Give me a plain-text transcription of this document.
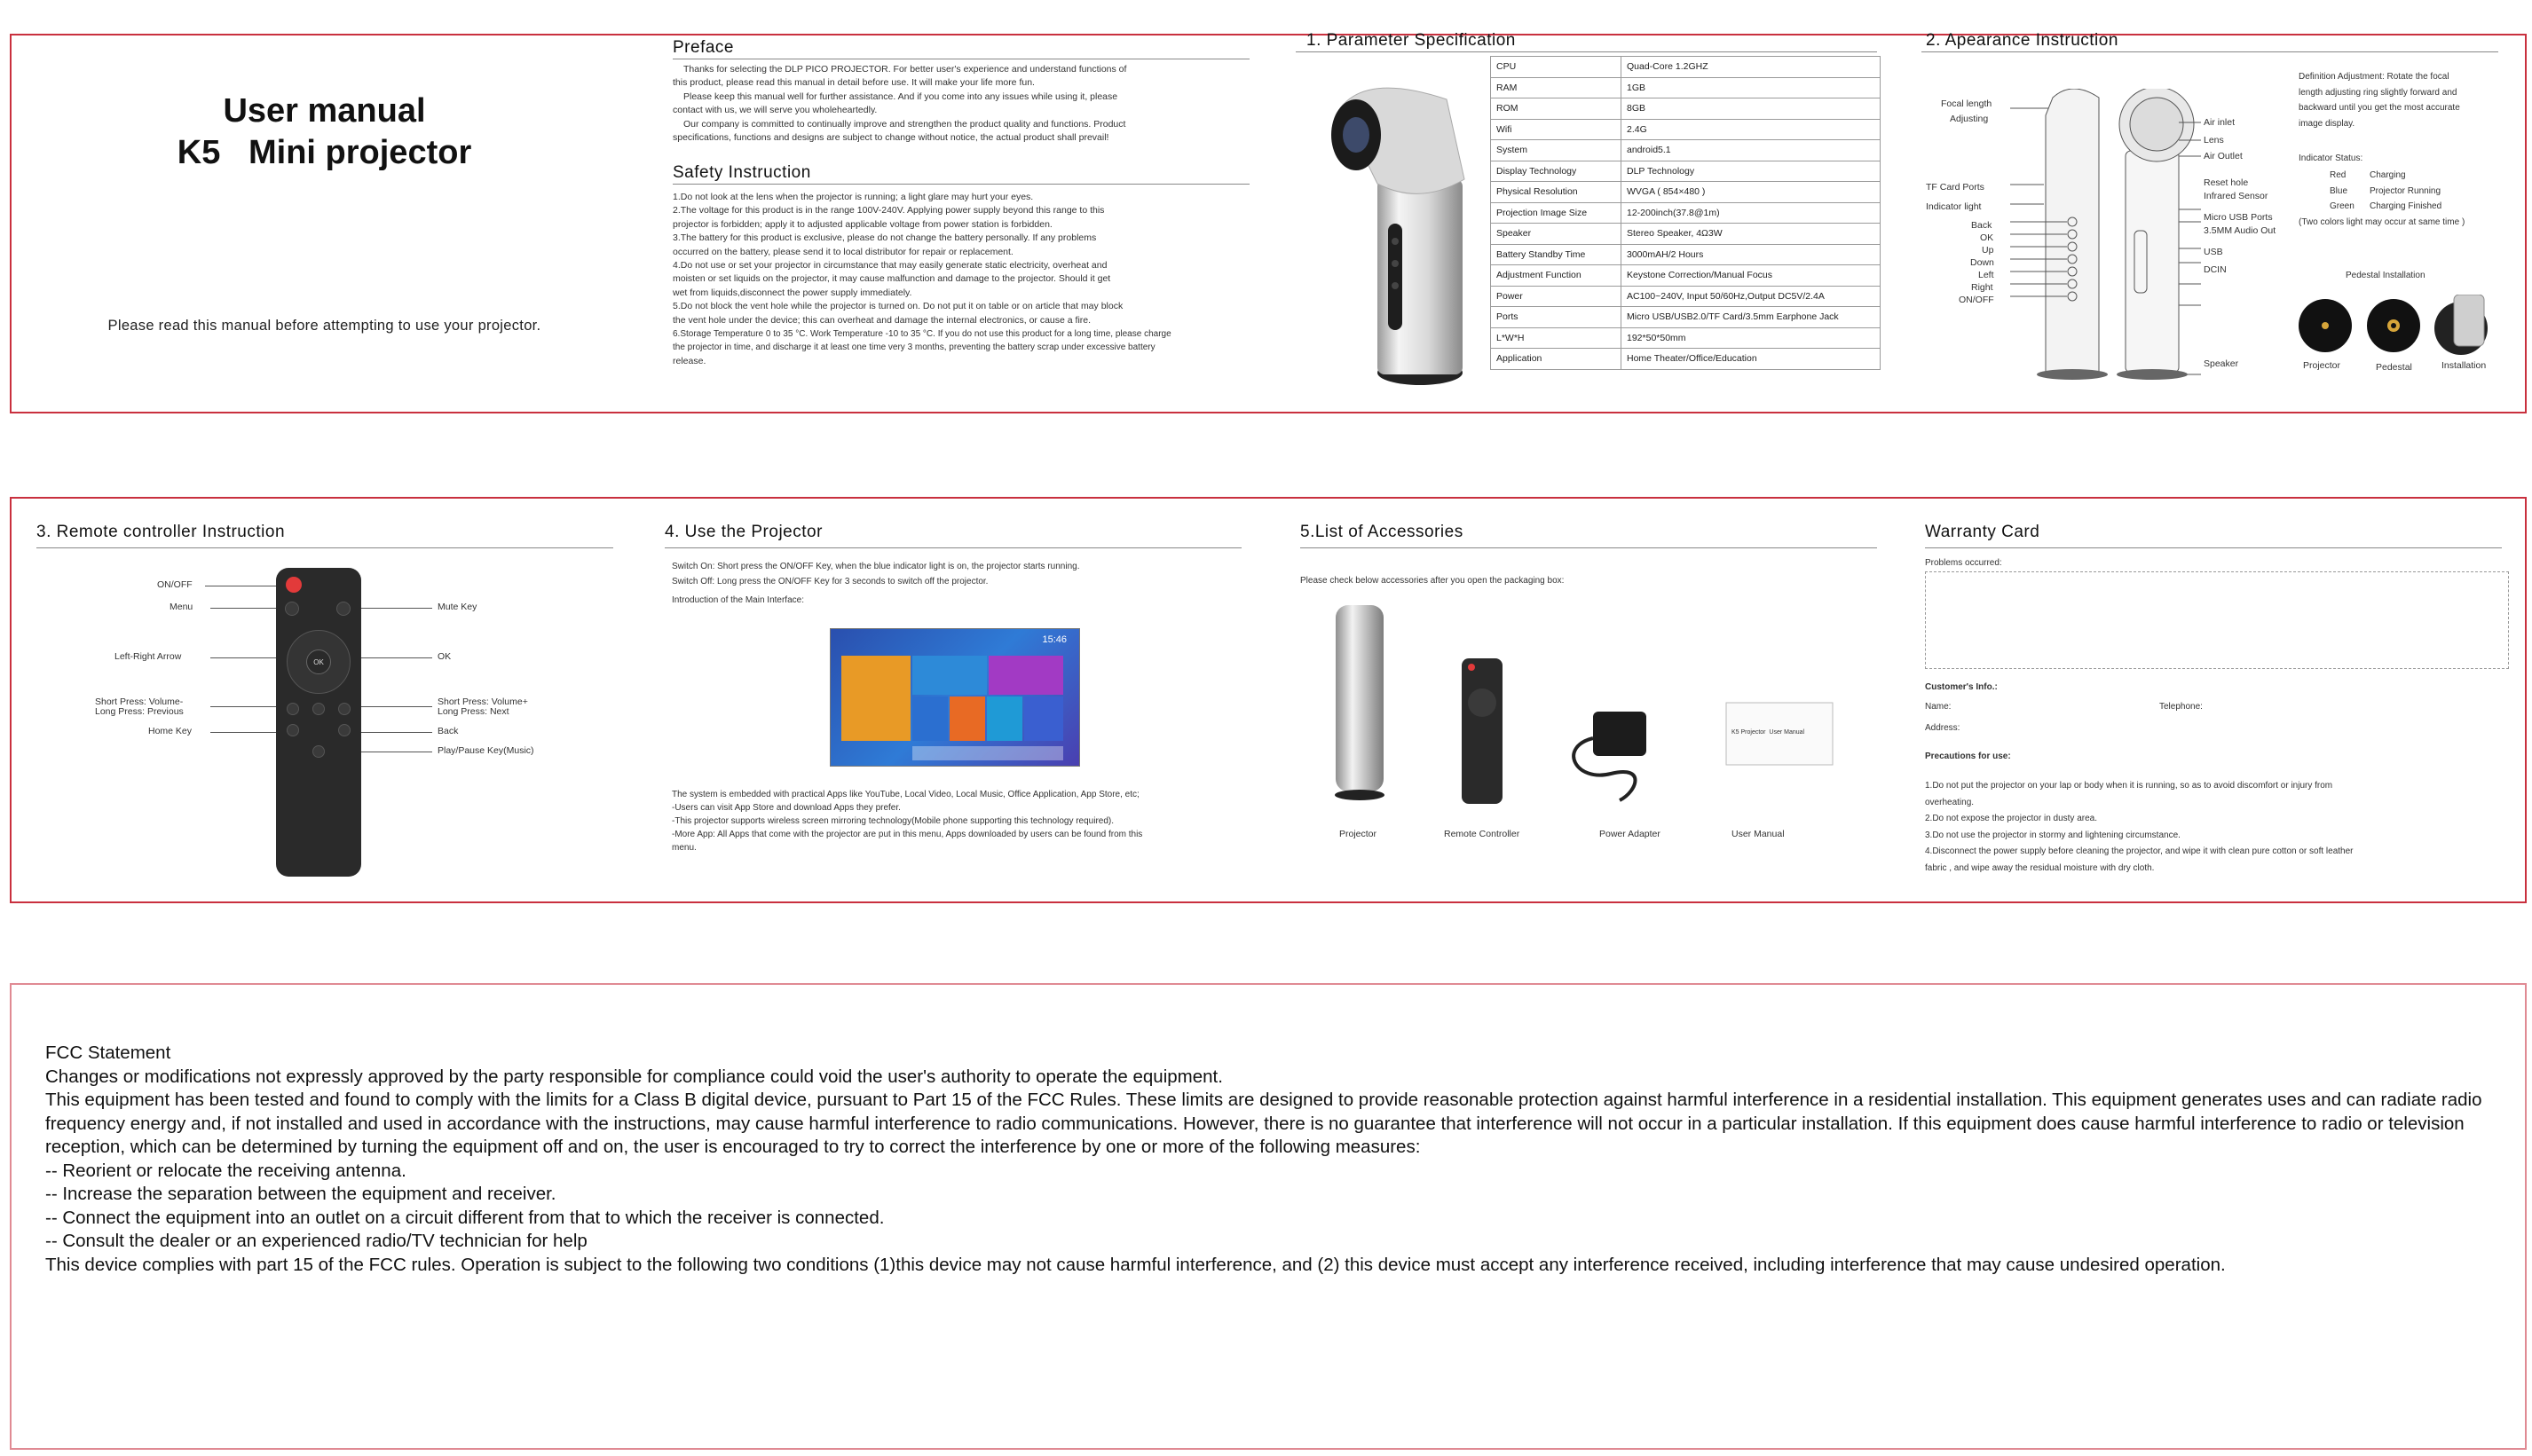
User manual
K5   Mini projector
Please read this manual before attempting to use your projector.
Preface
Thanks for selecting the DLP PICO PROJECTOR. For better user's experience and understand functions of
this product, please read this manual in detail before use. It will make your life more fun.
Please keep this manual well for further assistance. And if you come into any issues while using it, please
contact with us, we will serve you wholeheartedly.
Our company is committed to continually improve and strengthen the product quality and functions. Product
specifications, functions and designs are subject to change without notice, the actual product shall prevail!
Safety Instruction
1.Do not look at the lens when the projector is running; a light glare may hurt your eyes.
2.The voltage for this product is in the range 100V-240V. Applying power supply beyond this range to this
projector is forbidden; apply it to adjusted applicable voltage from power station is forbidden.
3.The battery for this product is exclusive, please do not change the battery personally. If any problems
occurred on the battery, please send it to local distributor for repair or replacement.
4.Do not use or set your projector in circumstance that may easily generate static electricity, overheat and
moisten or set liquids on the projector, it may cause malfunction and damage to the projector. Should it get
wet from liquids,disconnect the power supply immediately.
5.Do not block the vent hole while the projector is turned on. Do not put it on table or on article that may block
the vent hole under the device; this can overheat and damage the internal electronics, or cause a fire.
6.Storage Temperature 0 to 35 °C. Work Temperature -10 to 35 °C. If you do not use this product for a long time, please charge
the projector in time, and discharge it at least one time very 3 months, preventing the battery scrap under excessive battery
release.
1. Parameter Specification
CPU	Quad-Core 1.2GHZ
RAM	1GB
ROM	8GB
Wifi	2.4G
System	android5.1
Display Technology	DLP Technology
Physical Resolution	WVGA ( 854×480 )
Projection Image Size	12-200inch(37.8@1m)
Speaker	Stereo Speaker, 4Ω3W
Battery Standby Time	3000mAH/2 Hours
Adjustment Function	Keystone Correction/Manual Focus
Power	AC100~240V, Input 50/60Hz,Output DC5V/2.4A
Ports	Micro USB/USB2.0/TF Card/3.5mm Earphone Jack
L*W*H	192*50*50mm
Application	Home Theater/Office/Education
2. Apearance Instruction
Focal length
Adjusting
TF Card Ports
Indicator light
Back
OK
Up
Down
Left
Right
ON/OFF
Air inlet
Lens
Air Outlet
Reset hole
Infrared Sensor
Micro USB Ports
3.5MM Audio Out
USB
DCIN
Speaker
Definition Adjustment: Rotate the focal
length adjusting ring slightly forward and
backward until you get the most accurate
image display.
Indicator Status:
Red	Charging
Blue Projector Running
Green Charging Finished
(Two colors light may occur at same time )
Pedestal Installation
Projector	Pedestal	Installation
3. Remote controller Instruction
ON/OFF
Menu
Left-Right Arrow
Short Press: Volume-
Long Press: Previous
Home Key
Mute Key
OK
Short Press: Volume+
Long Press: Next
Back
Play/Pause Key(Music)
OK
4. Use the Projector
Switch On: Short press the ON/OFF Key, when the blue indicator light is on, the projector starts running.
Switch Off: Long press the ON/OFF Key for 3 seconds to switch off the projector.
Introduction of the Main Interface:
15:46
The system is embedded with practical Apps like YouTube, Local Video, Local Music, Office Application, App Store, etc;
-Users can visit App Store and download Apps they prefer.
-This projector supports wireless screen mirroring technology(Mobile phone supporting this technology required).
-More App: All Apps that come with the projector are put in this menu, Apps downloaded by users can be found from this
menu.
5.List of Accessories
Please check below accessories after you open the packaging box:
K5 Projector  User Manual
Projector	Remote Controller	Power Adapter	User Manual
Warranty Card
Problems occurred:
Customer's Info.:
Name:	Telephone:
Address:
Precautions for use:
1.Do not put the projector on your lap or body when it is running, so as to avoid discomfort or injury from
overheating.
2.Do not expose the projector in dusty area.
3.Do not use the projector in stormy and lightening circumstance.
4.Disconnect the power supply before cleaning the projector, and wipe it with clean pure cotton or soft leather
fabric , and wipe away the residual moisture with dry cloth.
FCC Statement
Changes or modifications not expressly approved by the party responsible for compliance could void the user's authority to operate the equipment.
This equipment has been tested and found to comply with the limits for a Class B digital device, pursuant to Part 15 of the FCC Rules. These limits are designed to provide reasonable protection against harmful interference in a residential installation. This equipment generates uses and can radiate radio frequency energy and, if not installed and used in accordance with the instructions, may cause harmful interference to radio communications. However, there is no guarantee that interference will not occur in a particular installation. If this equipment does cause harmful interference to radio or television reception, which can be determined by turning the equipment off and on, the user is encouraged to try to correct the interference by one or more of the following measures:
-- Reorient or relocate the receiving antenna.
-- Increase the separation between the equipment and receiver.
-- Connect the equipment into an outlet on a circuit different from that to which the receiver is connected.
-- Consult the dealer or an experienced radio/TV technician for help
This device complies with part 15 of the FCC rules. Operation is subject to the following two conditions (1)this device may not cause harmful interference, and (2) this device must accept any interference received, including interference that may cause undesired operation.
